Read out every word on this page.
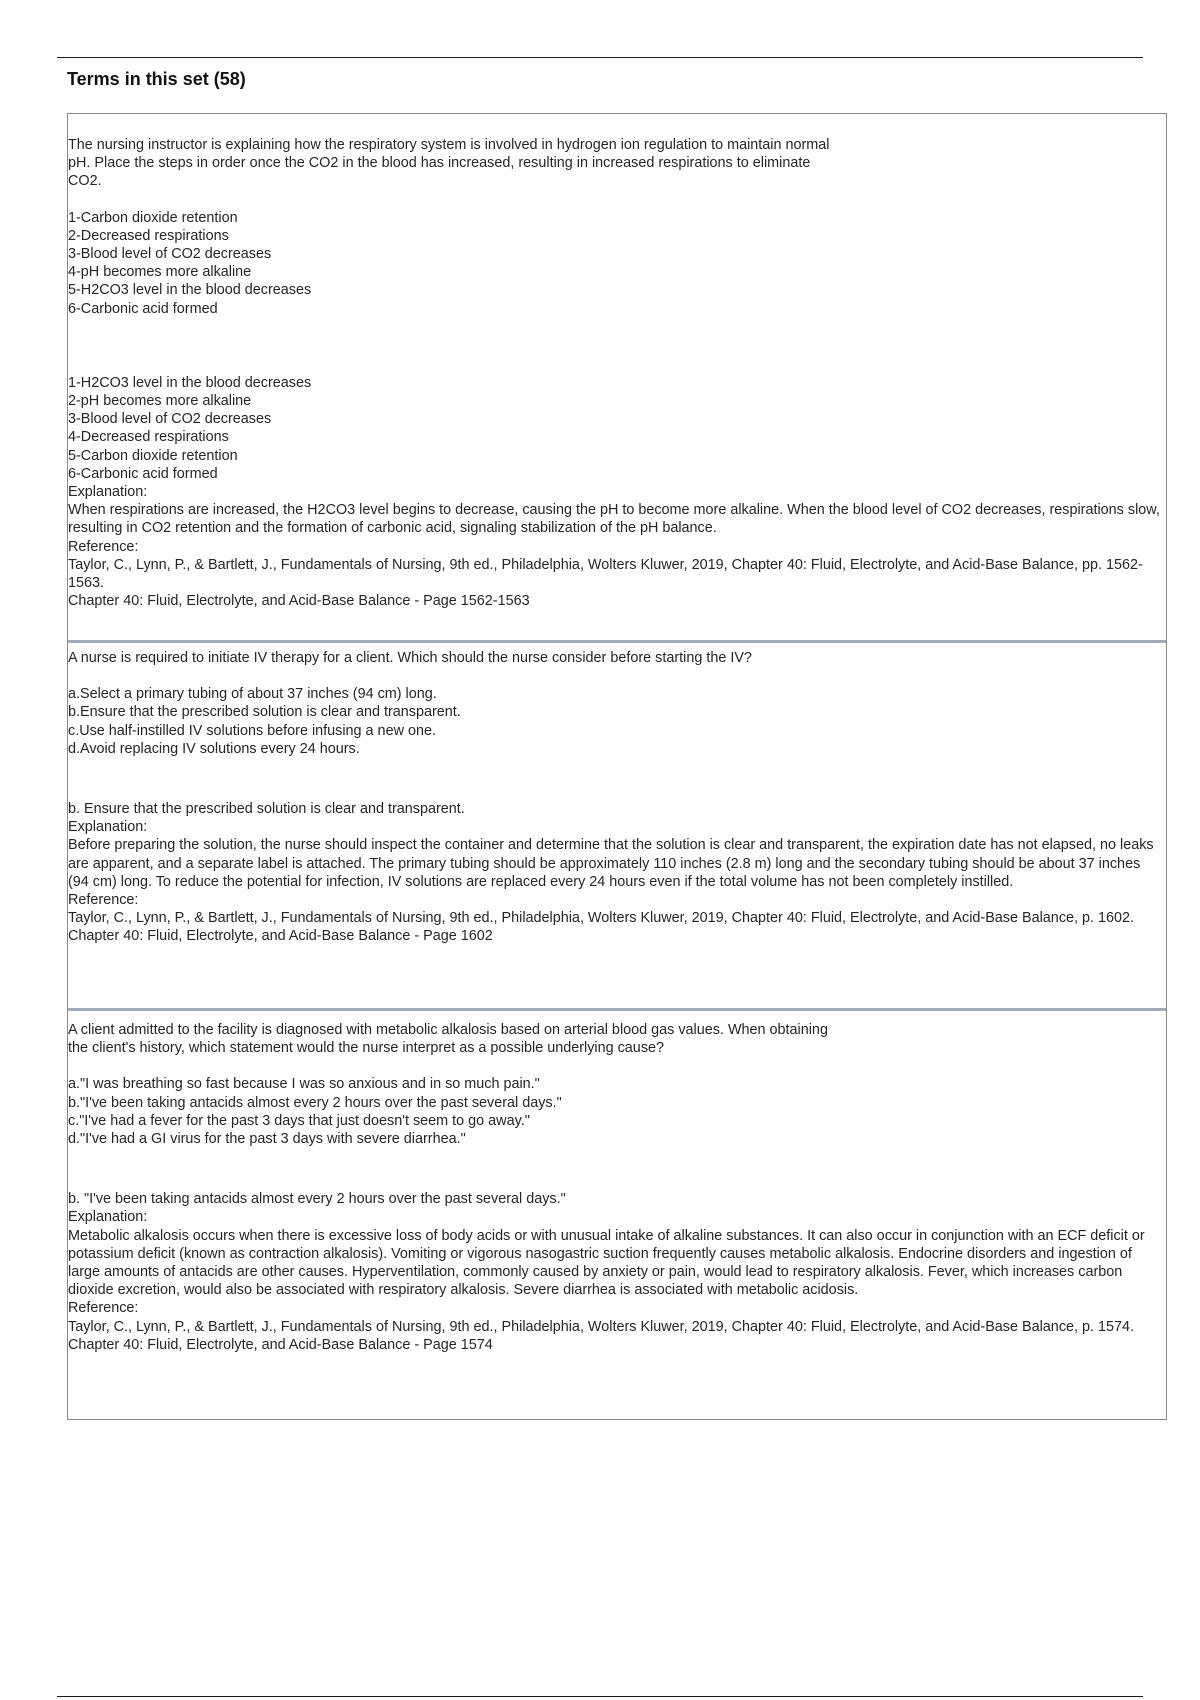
Terms in this set (58)
The nursing instructor is explaining how the respiratory system is involved in hydrogen ion regulation to maintain normal
pH. Place the steps in order once the CO2 in the blood has increased, resulting in increased respirations to eliminate
CO2.
1-Carbon dioxide retention
2-Decreased respirations
3-Blood level of CO2 decreases
4-pH becomes more alkaline
5-H2CO3 level in the blood decreases
6-Carbonic acid formed
1-H2CO3 level in the blood decreases
2-pH becomes more alkaline
3-Blood level of CO2 decreases
4-Decreased respirations
5-Carbon dioxide retention
6-Carbonic acid formed
Explanation:
When respirations are increased, the H2CO3 level begins to decrease, causing the pH to become more alkaline. When the blood level of CO2 decreases, respirations slow, resulting in CO2 retention and the formation of carbonic acid, signaling stabilization of the pH balance.
Reference:
Taylor, C., Lynn, P., & Bartlett, J., Fundamentals of Nursing, 9th ed., Philadelphia, Wolters Kluwer, 2019, Chapter 40: Fluid, Electrolyte, and Acid-Base Balance, pp. 1562-1563.
Chapter 40: Fluid, Electrolyte, and Acid-Base Balance - Page 1562-1563
A nurse is required to initiate IV therapy for a client. Which should the nurse consider before starting the IV?
a.Select a primary tubing of about 37 inches (94 cm) long.
b.Ensure that the prescribed solution is clear and transparent.
c.Use half-instilled IV solutions before infusing a new one.
d.Avoid replacing IV solutions every 24 hours.
b. Ensure that the prescribed solution is clear and transparent.
Explanation:
Before preparing the solution, the nurse should inspect the container and determine that the solution is clear and transparent, the expiration date has not elapsed, no leaks are apparent, and a separate label is attached. The primary tubing should be approximately 110 inches (2.8 m) long and the secondary tubing should be about 37 inches (94 cm) long. To reduce the potential for infection, IV solutions are replaced every 24 hours even if the total volume has not been completely instilled.
Reference:
Taylor, C., Lynn, P., & Bartlett, J., Fundamentals of Nursing, 9th ed., Philadelphia, Wolters Kluwer, 2019, Chapter 40: Fluid, Electrolyte, and Acid-Base Balance, p. 1602.
Chapter 40: Fluid, Electrolyte, and Acid-Base Balance - Page 1602
A client admitted to the facility is diagnosed with metabolic alkalosis based on arterial blood gas values. When obtaining
the client's history, which statement would the nurse interpret as a possible underlying cause?
a."I was breathing so fast because I was so anxious and in so much pain."
b."I've been taking antacids almost every 2 hours over the past several days."
c."I've had a fever for the past 3 days that just doesn't seem to go away."
d."I've had a GI virus for the past 3 days with severe diarrhea."
b. "I've been taking antacids almost every 2 hours over the past several days."
Explanation:
Metabolic alkalosis occurs when there is excessive loss of body acids or with unusual intake of alkaline substances. It can also occur in conjunction with an ECF deficit or potassium deficit (known as contraction alkalosis). Vomiting or vigorous nasogastric suction frequently causes metabolic alkalosis. Endocrine disorders and ingestion of large amounts of antacids are other causes. Hyperventilation, commonly caused by anxiety or pain, would lead to respiratory alkalosis. Fever, which increases carbon dioxide excretion, would also be associated with respiratory alkalosis. Severe diarrhea is associated with metabolic acidosis.
Reference:
Taylor, C., Lynn, P., & Bartlett, J., Fundamentals of Nursing, 9th ed., Philadelphia, Wolters Kluwer, 2019, Chapter 40: Fluid, Electrolyte, and Acid-Base Balance, p. 1574.
Chapter 40: Fluid, Electrolyte, and Acid-Base Balance - Page 1574
